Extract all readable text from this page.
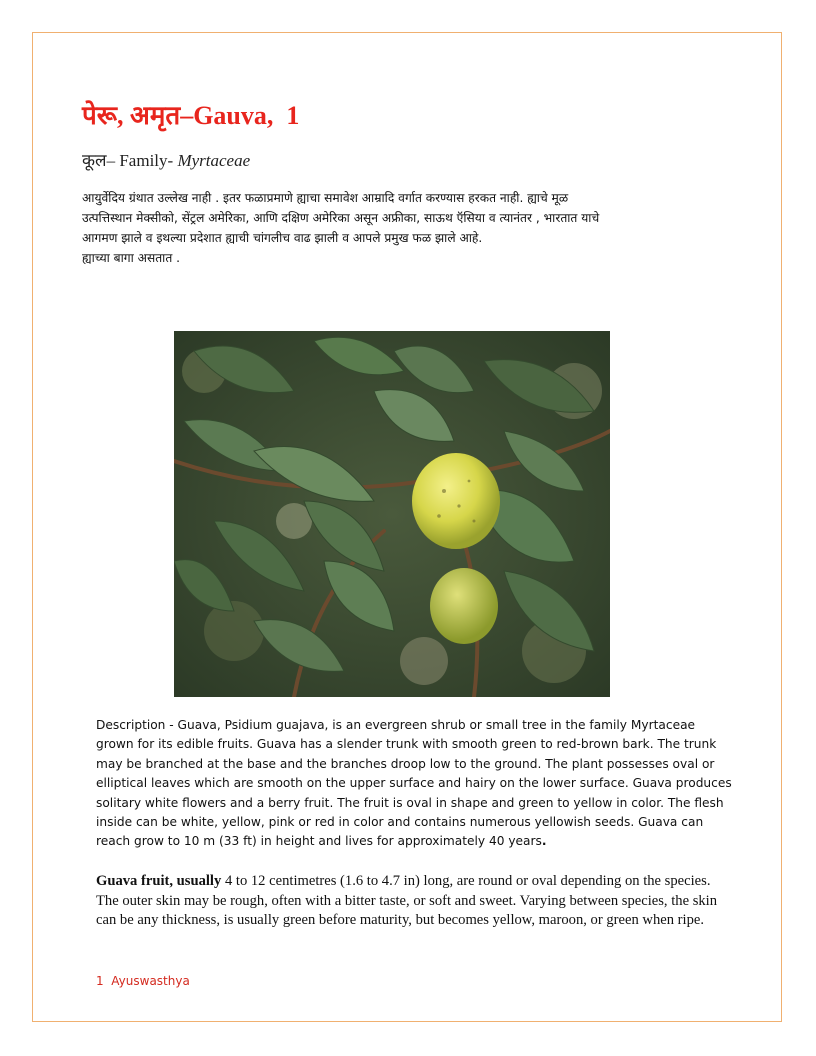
पेरू, अमृत–Gauva, 1

कूल– Family- Myrtaceae

आयुर्वेदिय ग्रंथात उल्लेख नाही . इतर फळाप्रमाणे ह्याचा समावेश आम्रादि वर्गात करण्यास हरकत नाही. ह्याचे मूळ
उत्पत्तिस्थान मेक्सीको, सेंट्रल अमेरिका, आणि दक्षिण अमेरिका असून अफ्रीका, साऊथ ऍसिया व त्यानंतर , भारतात याचे
आगमण झाले व इथल्या प्रदेशात ह्याची चांगलीच वाढ झाली व आपले प्रमुख फळ झाले आहे.
ह्याच्या बागा असतात .

Description - Guava, Psidium guajava, is an evergreen shrub or small tree in the family Myrtaceae grown for its edible fruits. Guava has a slender trunk with smooth green to red-brown bark. The trunk may be branched at the base and the branches droop low to the ground. The plant possesses oval or elliptical leaves which are smooth on the upper surface and hairy on the lower surface. Guava produces solitary white flowers and a berry fruit. The fruit is oval in shape and green to yellow in color. The flesh inside can be white, yellow, pink or red in color and contains numerous yellowish seeds. Guava can reach grow to 10 m (33 ft) in height and lives for approximately 40 years.

Guava fruit, usually 4 to 12 centimetres (1.6 to 4.7 in) long, are round or oval depending on the species. The outer skin may be rough, often with a bitter taste, or soft and sweet. Varying between species, the skin can be any thickness, is usually green before maturity, but becomes yellow, maroon, or green when ripe.

1 Ayuswasthya
